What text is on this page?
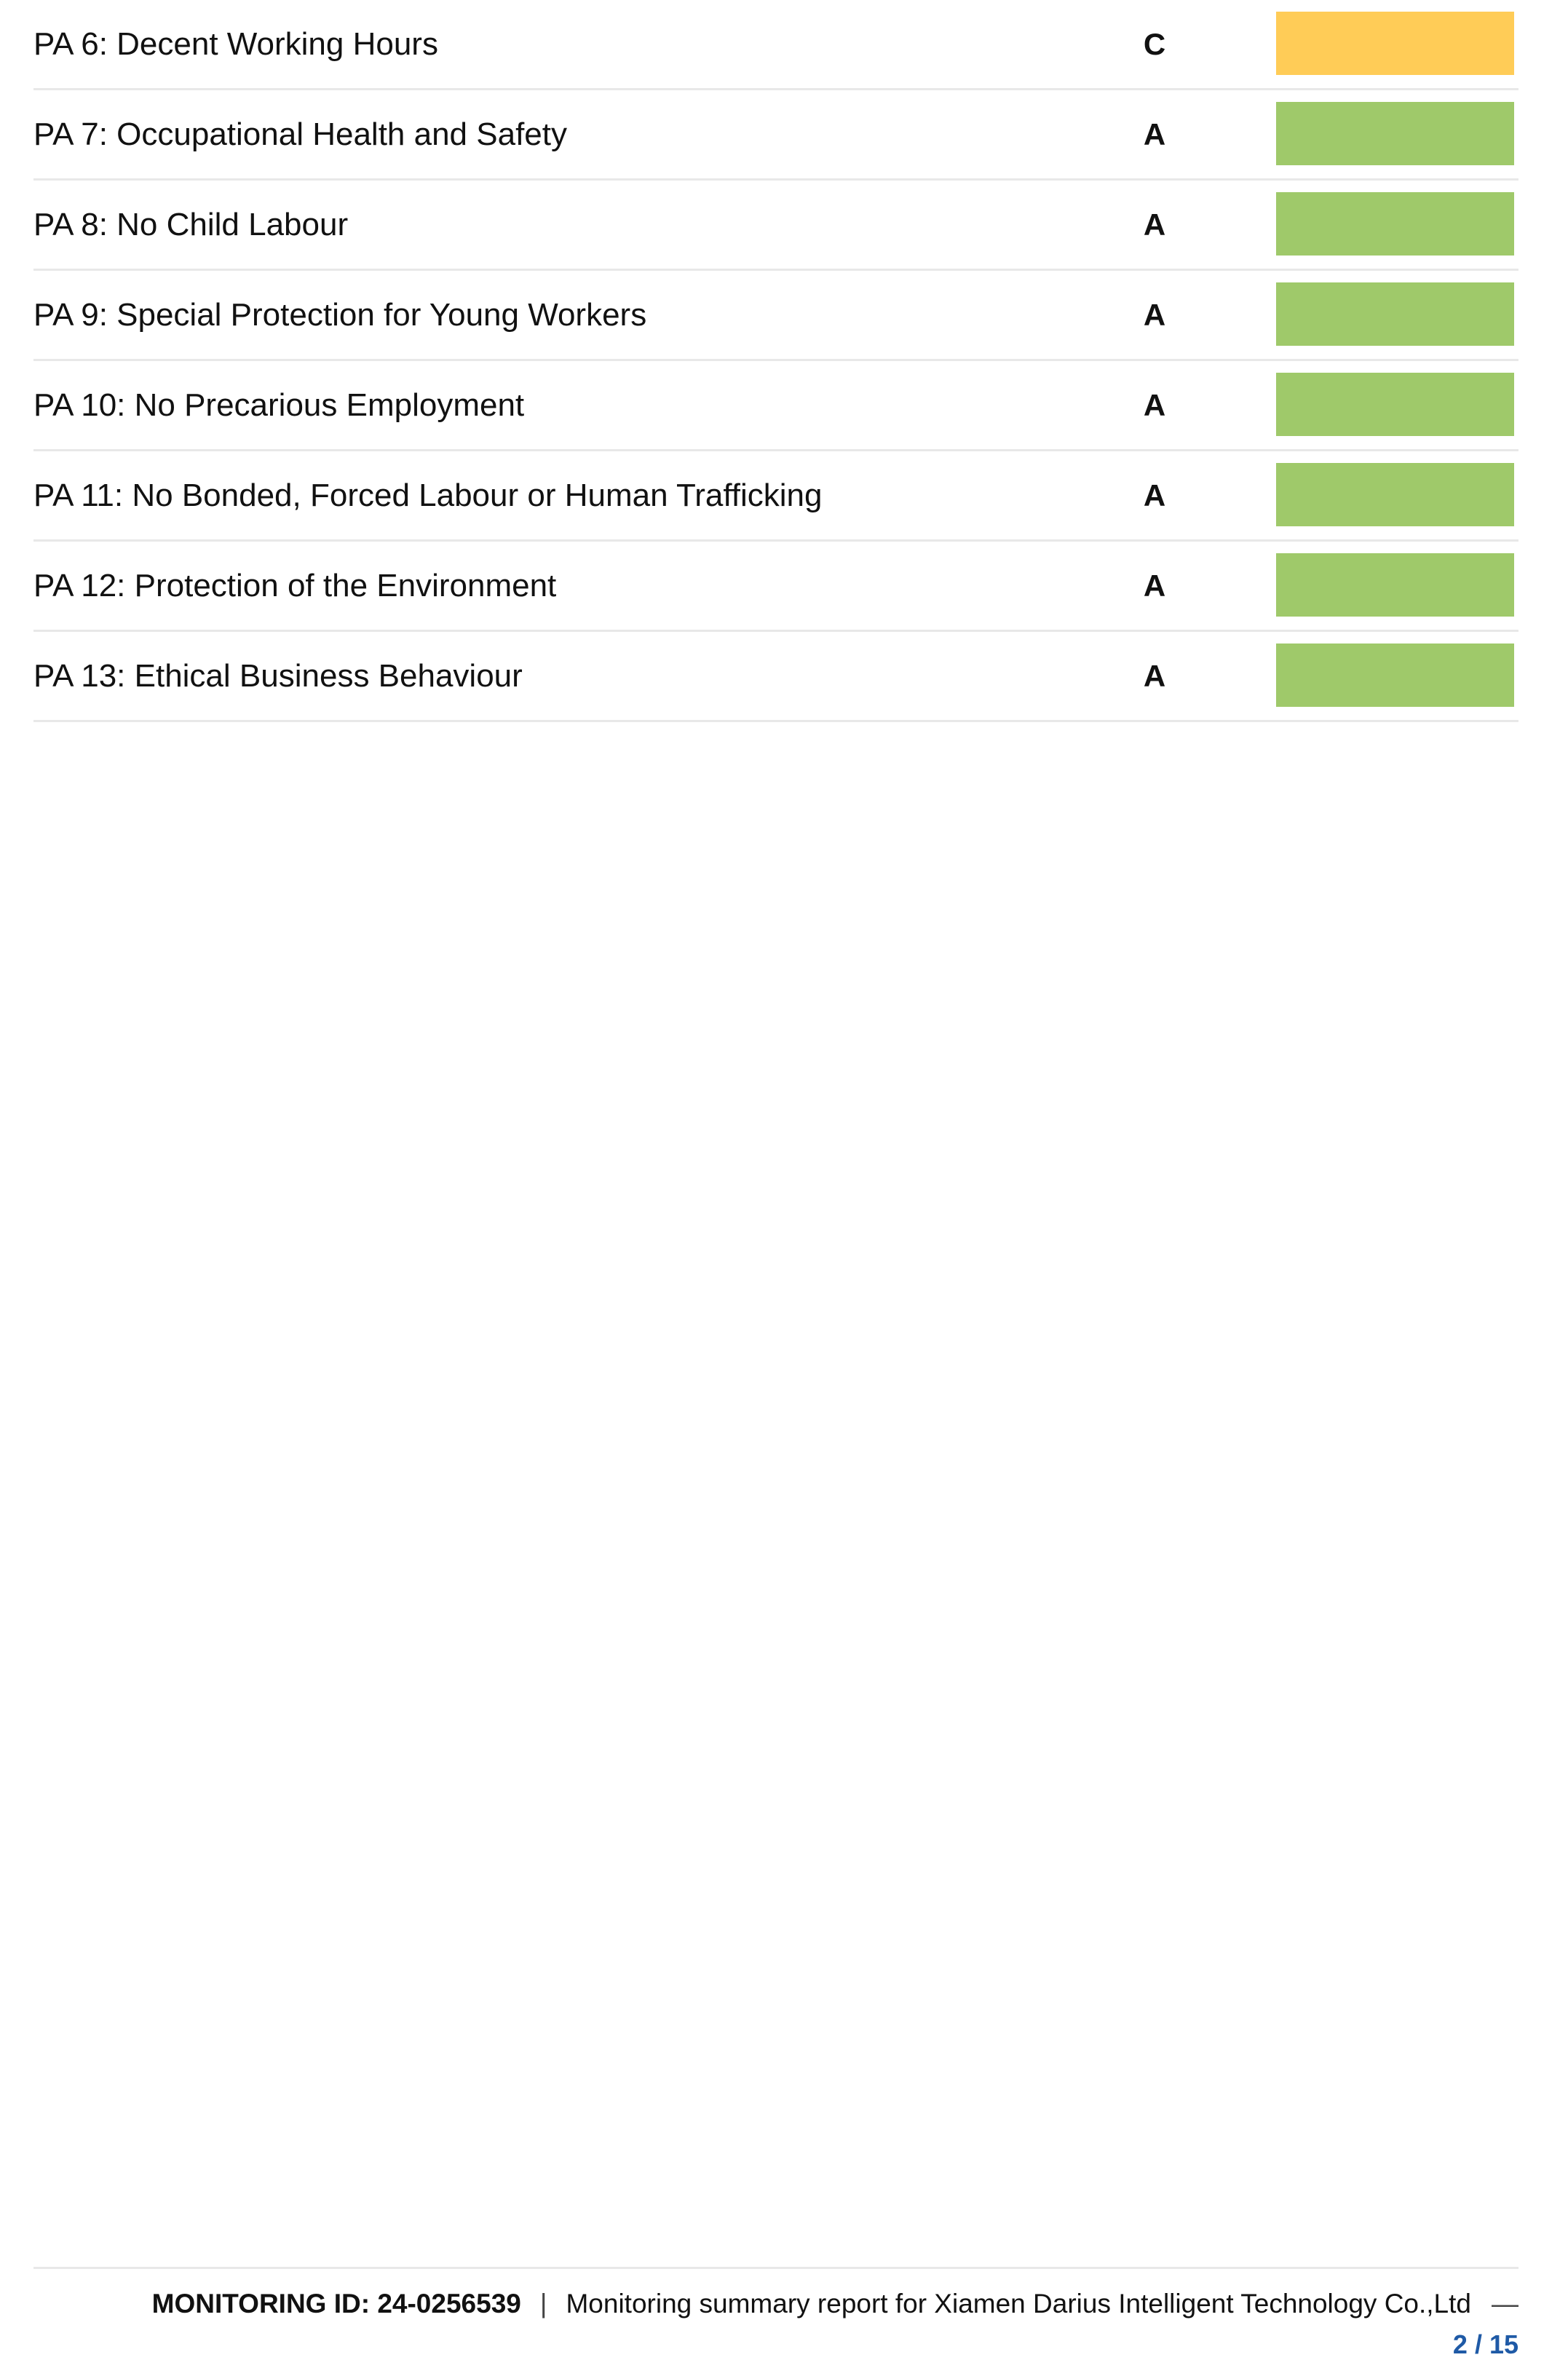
PA 6: Decent Working Hours	C
PA 7: Occupational Health and Safety	A
PA 8: No Child Labour	A
PA 9: Special Protection for Young Workers	A
PA 10: No Precarious Employment	A
PA 11: No Bonded, Forced Labour or Human Trafficking	A
PA 12: Protection of the Environment	A
PA 13: Ethical Business Behaviour	A
MONITORING ID: 24-0256539 | Monitoring summary report for Xiamen Darius Intelligent Technology Co.,Ltd —
2 / 15
